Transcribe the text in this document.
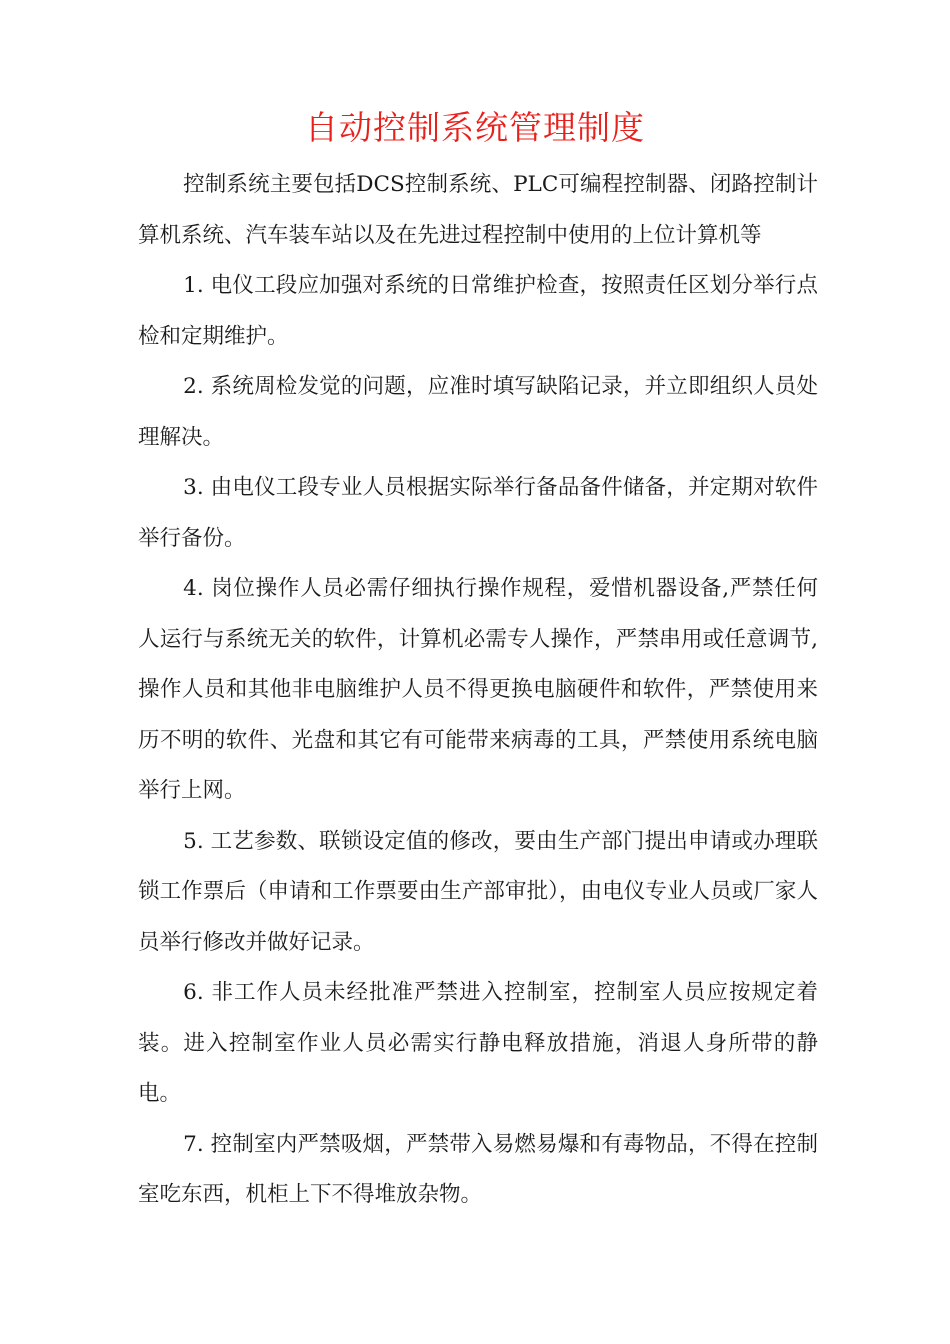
自动控制系统管理制度

控制系统主要包括DCS控制系统、PLC可编程控制器、闭路控制计算机系统、汽车装车站以及在先进过程控制中使用的上位计算机等

1. 电仪工段应加强对系统的日常维护检查，按照责任区划分举行点检和定期维护。

2. 系统周检发觉的问题，应准时填写缺陷记录，并立即组织人员处理解决。

3. 由电仪工段专业人员根据实际举行备品备件储备，并定期对软件举行备份。

4. 岗位操作人员必需仔细执行操作规程，爱惜机器设备,严禁任何人运行与系统无关的软件，计算机必需专人操作，严禁串用或任意调节,操作人员和其他非电脑维护人员不得更换电脑硬件和软件，严禁使用来历不明的软件、光盘和其它有可能带来病毒的工具，严禁使用系统电脑举行上网。

5. 工艺参数、联锁设定值的修改，要由生产部门提出申请或办理联锁工作票后（申请和工作票要由生产部审批），由电仪专业人员或厂家人员举行修改并做好记录。

6. 非工作人员未经批准严禁进入控制室，控制室人员应按规定着装。进入控制室作业人员必需实行静电释放措施，消退人身所带的静电。

7. 控制室内严禁吸烟，严禁带入易燃易爆和有毒物品，不得在控制室吃东西，机柜上下不得堆放杂物。
